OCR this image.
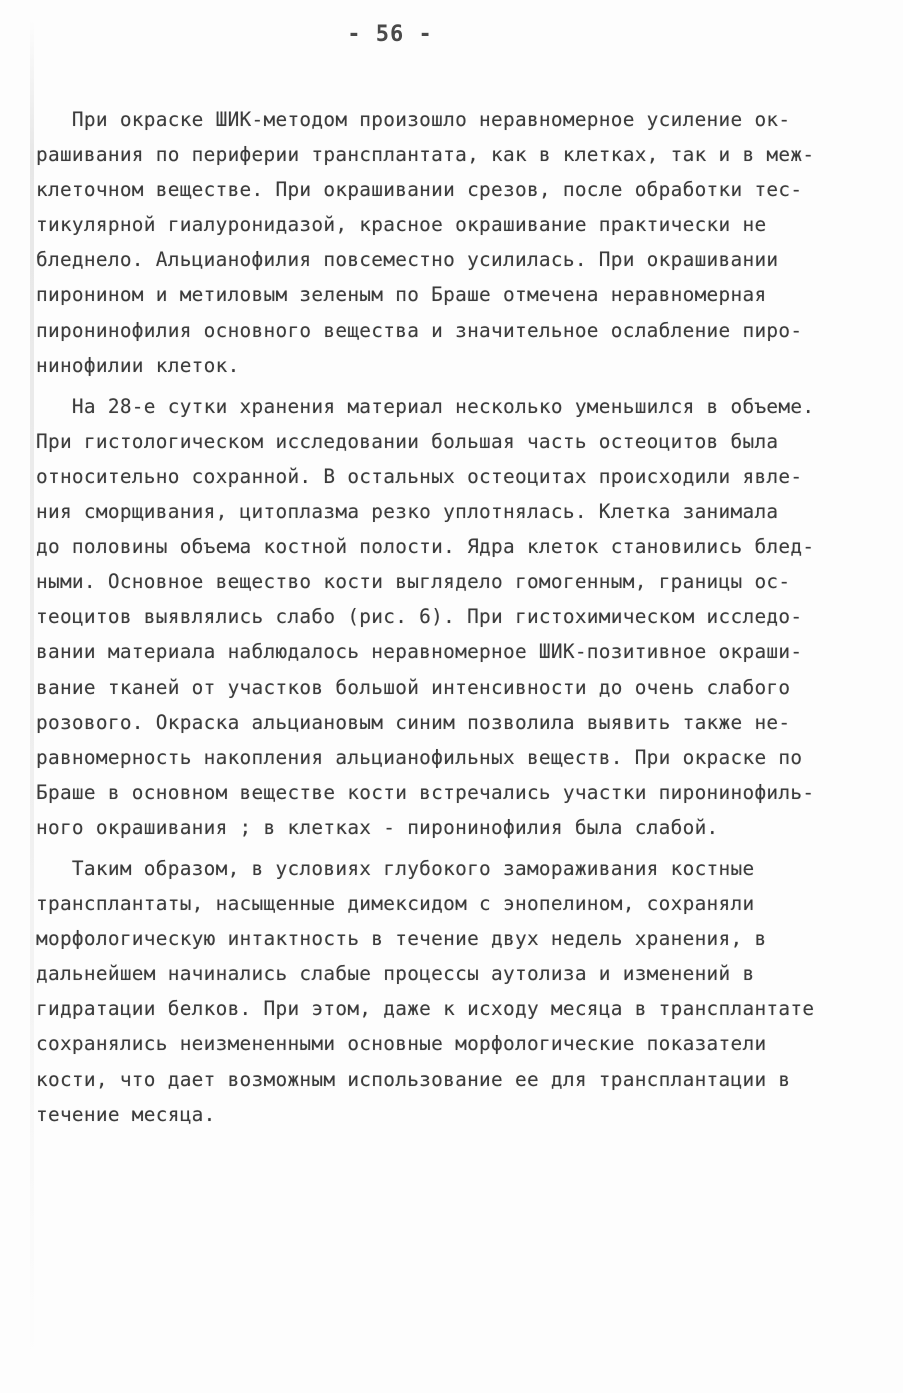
- 56 -
При окраске ШИК-методом произошло неравномерное усиление ок-
рашивания по периферии трансплантата, как в клетках, так и в меж-
клеточном веществе. При окрашивании срезов, после обработки тес-
тикулярной гиалуронидазой, красное окрашивание практически не
бледнело. Альцианофилия повсеместно усилилась. При окрашивании
пиронином и метиловым зеленым по Браше отмечена неравномерная
пиронинофилия основного вещества и значительное ослабление пиро-
нинофилии клеток.
На 28-е сутки хранения материал несколько уменьшился в объеме.
При гистологическом исследовании большая часть остеоцитов была
относительно сохранной. В остальных остеоцитах происходили явле-
ния сморщивания, цитоплазма резко уплотнялась. Клетка занимала
до половины объема костной полости. Ядра клеток становились блед-
ными. Основное вещество кости выглядело гомогенным, границы ос-
теоцитов выявлялись слабо (рис. 6). При гистохимическом исследо-
вании материала наблюдалось неравномерное ШИК-позитивное окраши-
вание тканей от участков большой интенсивности до очень слабого
розового. Окраска альциановым синим позволила выявить также не-
равномерность накопления альцианофильных веществ. При окраске по
Браше в основном веществе кости встречались участки пиронинофиль-
ного окрашивания ; в клетках - пиронинофилия была слабой.
Таким образом, в условиях глубокого замораживания костные
трансплантаты, насыщенные димексидом с энопелином, сохраняли
морфологическую интактность в течение двух недель хранения, в
дальнейшем начинались слабые процессы аутолиза и изменений в
гидратации белков. При этом, даже к исходу месяца в трансплантате
сохранялись неизмененными основные морфологические показатели
кости, что дает возможным использование ее для трансплантации в
течение месяца.
